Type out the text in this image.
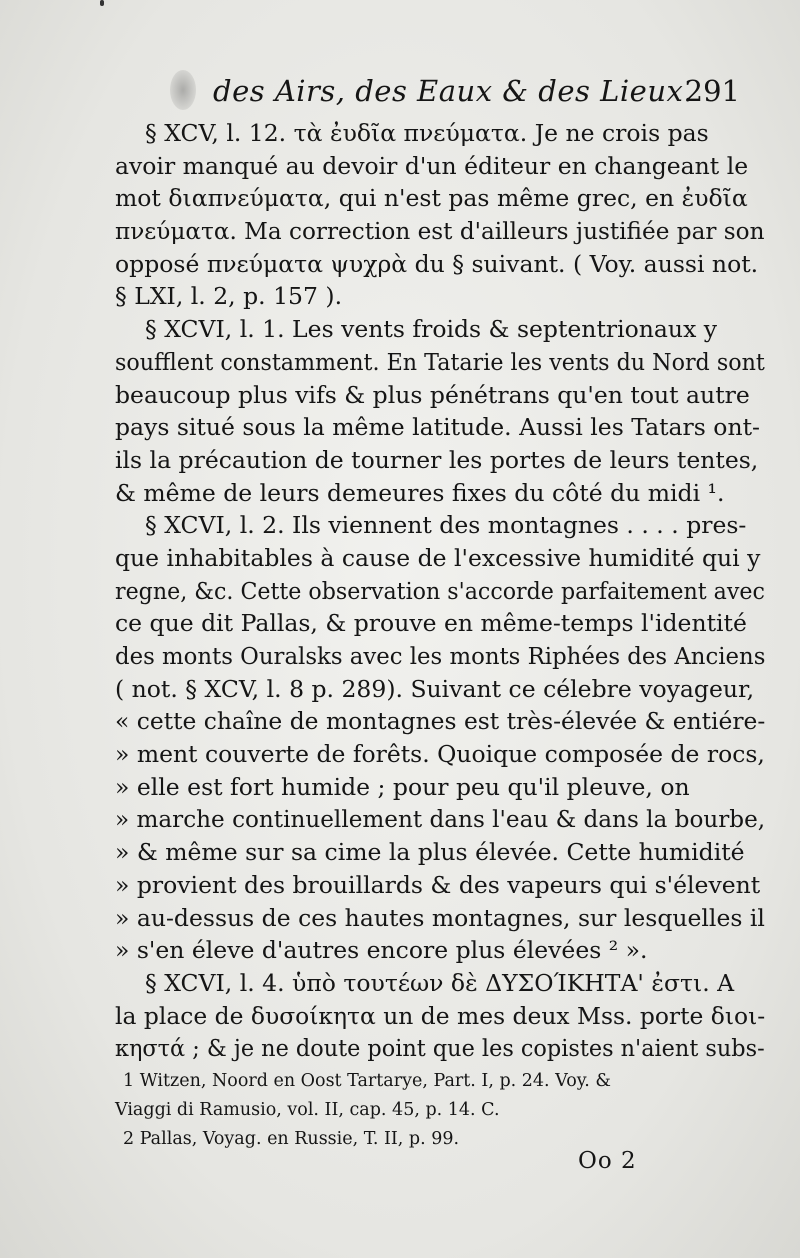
des Airs, des Eaux & des Lieux.
291
§ XCV, l. 12. τὰ ἐυδῖα πνεύματα. Je ne crois pas
avoir manqué au devoir d'un éditeur en changeant le
mot διαπνεύματα, qui n'est pas même grec, en ἐυδῖα
πνεύματα. Ma correction est d'ailleurs justifiée par son
opposé πνεύματα ψυχρὰ du § suivant. ( Voy. aussi not.
§ LXI, l. 2, p. 157 ).
§ XCVI, l. 1. Les vents froids & septentrionaux y
soufflent constamment. En Tatarie les vents du Nord sont
beaucoup plus vifs & plus pénétrans qu'en tout autre
pays situé sous la même latitude. Aussi les Tatars ont-
ils la précaution de tourner les portes de leurs tentes,
& même de leurs demeures fixes du côté du midi ¹.
§ XCVI, l. 2. Ils viennent des montagnes . . . . pres-
que inhabitables à cause de l'excessive humidité qui y
regne, &c. Cette observation s'accorde parfaitement avec
ce que dit Pallas, & prouve en même-temps l'identité
des monts Ouralsks avec les monts Riphées des Anciens
( not. § XCV, l. 8 p. 289). Suivant ce célebre voyageur,
« cette chaîne de montagnes est très-élevée & entiére-
» ment couverte de forêts. Quoique composée de rocs,
» elle est fort humide ; pour peu qu'il pleuve, on
» marche continuellement dans l'eau & dans la bourbe,
» & même sur sa cime la plus élevée. Cette humidité
» provient des brouillards & des vapeurs qui s'élevent
» au-dessus de ces hautes montagnes, sur lesquelles il
» s'en éleve d'autres encore plus élevées ² ».
§ XCVI, l. 4. ὑπὸ τουτέων δὲ ΔΥΣΟΊΚΗΤΑ' ἐστι. A
la place de δυσοίκητα un de mes deux Mss. porte διοι-
κηστά ; & je ne doute point que les copistes n'aient subs-
1 Witzen, Noord en Oost Tartarye, Part. I, p. 24. Voy. &
Viaggi di Ramusio, vol. II, cap. 45, p. 14. C.
2 Pallas, Voyag. en Russie, T. II, p. 99.
Oo 2
